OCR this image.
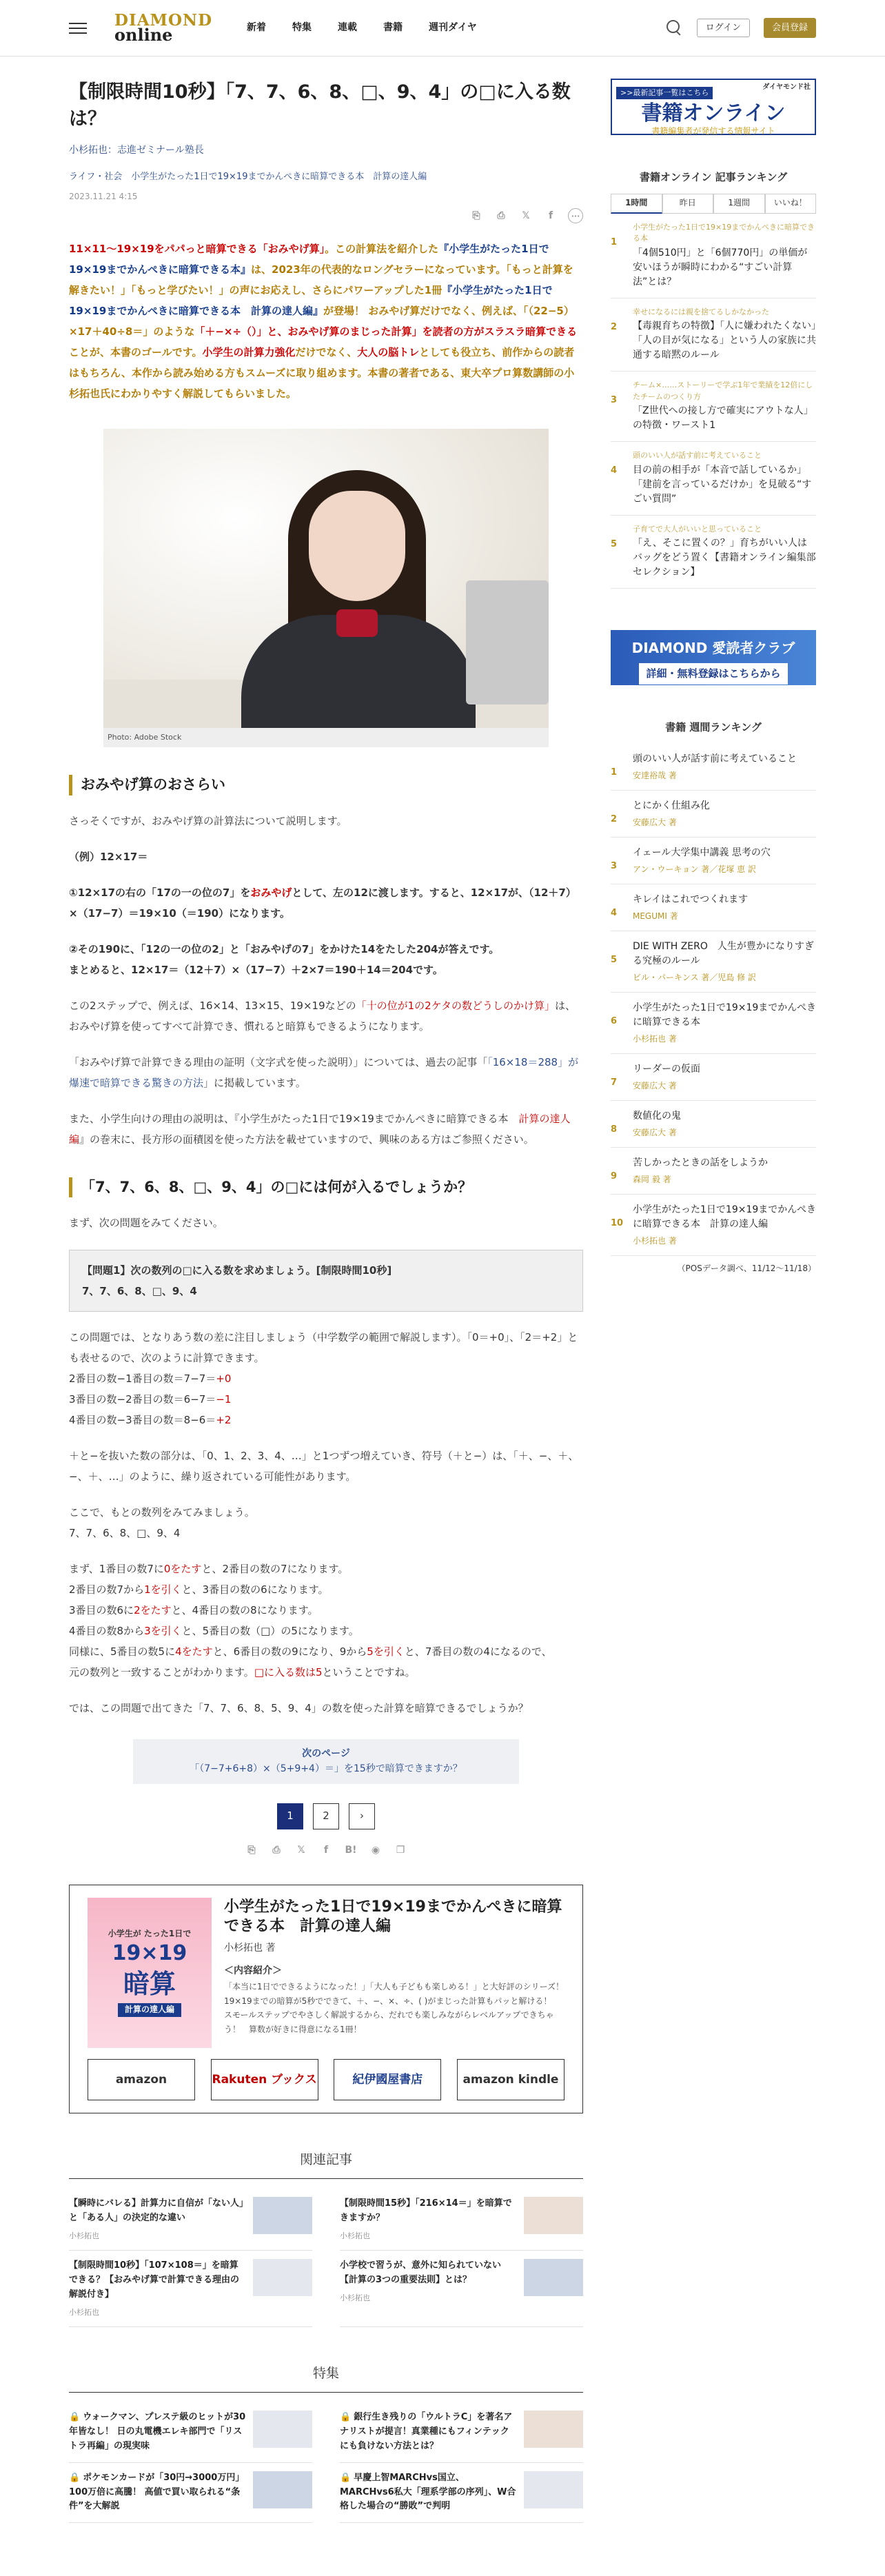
DIAMOND
online	新着	特集	連載	書籍	週刊ダイヤ	ログイン	会員登録
【制限時間10秒】「7、7、6、8、□、9、4」の□に入る数は？
小杉拓也：志進ゼミナール塾長
ライフ・社会　小学生がたった1日で19×19までかんぺきに暗算できる本　計算の達人編
2023.11.21 4:15
⎘	⎙	𝕏	f	···
11×11〜19×19をパパっと暗算できる「おみやげ算」。この計算法を紹介した『小学生がたった1日で19×19までかんぺきに暗算できる本』は、2023年の代表的なロングセラーになっています。「もっと計算を解きたい！」「もっと学びたい！」の声にお応えし、さらにパワーアップした1冊『小学生がたった1日で19×19までかんぺきに暗算できる本　計算の達人編』が登場！ おみやげ算だけでなく、例えば、「（22−5）×17＋40÷8＝」のような「＋−×÷（）」と、おみやげ算のまじった計算」を読者の方がスラスラ暗算できることが、本書のゴールです。小学生の計算力強化だけでなく、大人の脳トレとしても役立ち、前作からの読者はもちろん、本作から読み始める方もスムーズに取り組めます。本書の著者である、東大卒プロ算数講師の小杉拓也氏にわかりやすく解説してもらいました。
Photo: Adobe Stock
おみやげ算のおさらい

さっそくですが、おみやげ算の計算法について説明します。

（例）12×17＝

①12×17の右の「17の一の位の7」をおみやげとして、左の12に渡します。すると、12×17が、（12＋7）×（17−7）＝19×10（＝190）になります。

②その190に、「12の一の位の2」と「おみやげの7」をかけた14をたした204が答えです。
まとめると、12×17＝（12＋7）×（17−7）＋2×7＝190＋14＝204です。

この2ステップで、例えば、16×14、13×15、19×19などの「十の位が1の2ケタの数どうしのかけ算」は、おみやげ算を使ってすべて計算でき、慣れると暗算もできるようになります。

「おみやげ算で計算できる理由の証明（文字式を使った説明）」については、過去の記事「「16×18＝288」が爆速で暗算できる驚きの方法」に掲載しています。

また、小学生向けの理由の説明は、『小学生がたった1日で19×19までかんぺきに暗算できる本　計算の達人編』の巻末に、長方形の面積図を使った方法を載せていますので、興味のある方はご参照ください。

「7、7、6、8、□、9、4」の□には何が入るでしょうか？

まず、次の問題をみてください。

【問題1】次の数列の□に入る数を求めましょう。[制限時間10秒]
7、7、6、8、□、9、4

この問題では、となりあう数の差に注目しましょう（中学数学の範囲で解説します）。「0＝+0」、「2＝+2」とも表せるので、次のように計算できます。
2番目の数−1番目の数＝7−7＝+0
3番目の数−2番目の数＝6−7＝−1
4番目の数−3番目の数＝8−6＝+2

＋と−を抜いた数の部分は、「0、1、2、3、4、…」と1つずつ増えていき、符号（＋と−）は、「＋、−、＋、−、＋、…」のように、繰り返されている可能性があります。

ここで、もとの数列をみてみましょう。
7、7、6、8、□、9、4

まず、1番目の数7に0をたすと、2番目の数の7になります。
2番目の数7から1を引くと、3番目の数の6になります。
3番目の数6に2をたすと、4番目の数の8になります。
4番目の数8から3を引くと、5番目の数（□）の5になります。
同様に、5番目の数5に4をたすと、6番目の数の9になり、9から5を引くと、7番目の数の4になるので、
元の数列と一致することがわかります。□に入る数は5ということですね。

では、この問題で出てきた「7、7、6、8、5、9、4」の数を使った計算を暗算できるでしょうか？

次のページ
「（7−7+6+8）×（5+9+4）＝」を15秒で暗算できますか？
1	2	›
⎘	⎙	𝕏	f	B!	◉	❐
小学生が たった1日で
19×19
暗算
計算の達人編
小学生がたった1日で19×19までかんぺきに暗算できる本　計算の達人編
小杉拓也 著
＜内容紹介＞
「本当に1日でできるようになった！」「大人も子どもも楽しめる！」と大好評のシリーズ！　19×19までの暗算が5秒でできて、＋、−、×、÷、( )がまじった計算もパッと解ける！　スモールステップでやさしく解説するから、だれでも楽しみながらレベルアップできちゃう！　算数が好きに得意になる1冊！
amazon	Rakuten ブックス	紀伊國屋書店	amazon kindle
関連記事
【瞬時にバレる】計算力に自信が「ない人」と「ある人」の決定的な違い
小杉拓也
【制限時間15秒】「216×14＝」を暗算できますか？
小杉拓也
【制限時間10秒】「107×108＝」を暗算できる？【おみやげ算で計算できる理由の解説付き】
小杉拓也
小学校で習うが、意外に知られていない【計算の3つの重要法則】とは？
小杉拓也
特集
🔒 ウォークマン、プレステ級のヒットが30年皆なし！ 日の丸電機エレキ部門で「リストラ再編」の現実味
🔒 銀行生き残りの「ウルトラC」を著名アナリストが提言！真業種にもフィンテックにも負けない方法とは？
🔒 ポケモンカードが「30円→3000万円」100万倍に高騰！ 高値で買い取られる“条件”を大解説
🔒 早慶上智MARCHvs国立、MARCHvs6私大「理系学部の序列」、W合格した場合の“勝敗”で判明
>>最新記事一覧はこちら
ダイヤモンド社
書籍オンライン
書籍編集者が発信する情報サイト
書籍オンライン 記事ランキング
1時間	昨日	1週間	いいね！
1
小学生がたった1日で19×19までかんぺきに暗算できる本
「4個510円」と「6個770円」の単価が安いほうが瞬時にわかる“すごい計算法”とは？
2
幸せになるには親を捨てるしかなかった
【毒親育ちの特徴】「人に嫌われたくない」「人の目が気になる」という人の家族に共通する暗黙のルール
3
チーム×……ストーリーで学ぶ1年で業績を12倍にしたチームのつくり方
「Z世代への接し方で確実にアウトな人」の特徴・ワースト1
4
頭のいい人が話す前に考えていること
目の前の相手が「本音で話しているか」「建前を言っているだけか」を見破る“すごい質問”
5
子育てで大人がいいと思っていること
「え、そこに置くの？」育ちがいい人はバッグをどう置く【書籍オンライン編集部セレクション】
DIAMOND 愛読者クラブ
詳細・無料登録はこちらから
書籍 週間ランキング
1
頭のいい人が話す前に考えていること
安達裕哉 著
2
とにかく仕組み化
安藤広大 著
3
イェール大学集中講義 思考の穴
アン・ウーキョン 著／花塚 恵 訳
4
キレイはこれでつくれます
MEGUMI 著
5
DIE WITH ZERO　人生が豊かになりすぎる究極のルール
ビル・パーキンス 著／児島 修 訳
6
小学生がたった1日で19×19までかんぺきに暗算できる本
小杉拓也 著
7
リーダーの仮面
安藤広大 著
8
数値化の鬼
安藤広大 著
9
苦しかったときの話をしようか
森岡 毅 著
10
小学生がたった1日で19×19までかんぺきに暗算できる本　計算の達人編
小杉拓也 著
（POSデータ調べ、11/12〜11/18）
